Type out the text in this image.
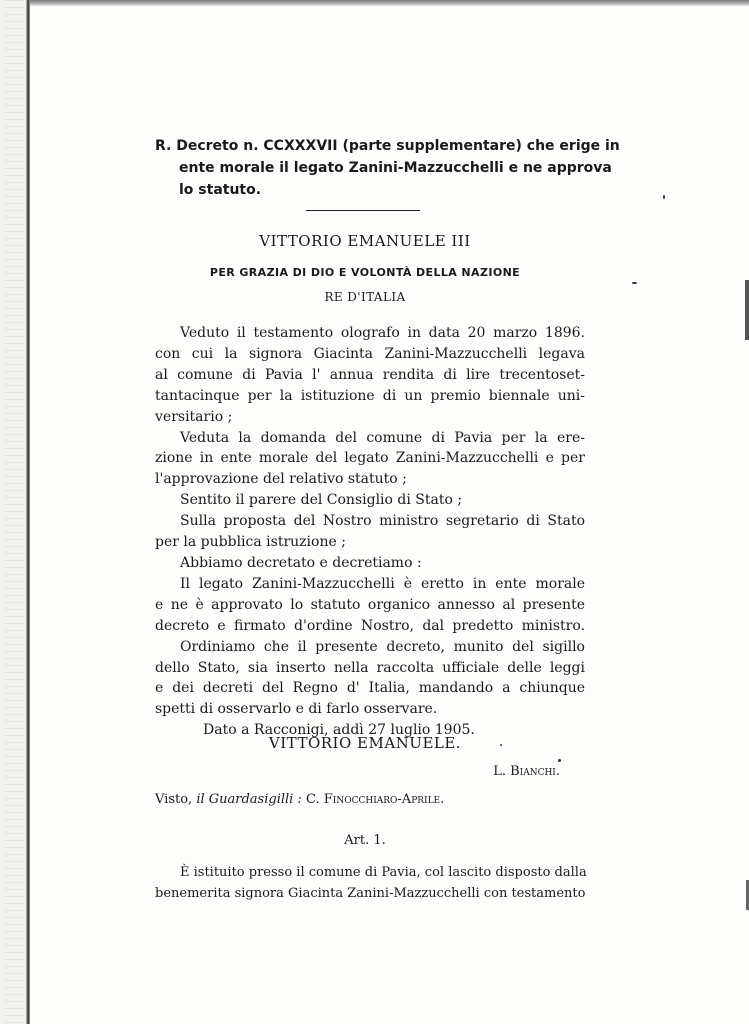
R. Decreto n. CCXXXVII (parte supplementare) che erige in
ente morale il legato Zanini-Mazzucchelli e ne approva
lo statuto.
VITTORIO EMANUELE III
PER GRAZIA DI DIO E VOLONTÀ DELLA NAZIONE
RE D'ITALIA
Veduto il testamento olografo in data 20 marzo 1896.
con cui la signora Giacinta Zanini-Mazzucchelli legava
al comune di Pavia l' annua rendita di lire trecentoset-
tantacinque per la istituzione di un premio biennale uni-
versitario ;
Veduta la domanda del comune di Pavia per la ere-
zione in ente morale del legato Zanini-Mazzucchelli e per
l'approvazione del relativo statuto ;
Sentito il parere del Consiglio di Stato ;
Sulla proposta del Nostro ministro segretario di Stato
per la pubblica istruzione ;
Abbiamo decretato e decretiamo :
Il legato Zanini-Mazzucchelli è eretto in ente morale
e ne è approvato lo statuto organico annesso al presente
decreto e firmato d'ordine Nostro, dal predetto ministro.
Ordiniamo che il presente decreto, munito del sigillo
dello Stato, sia inserto nella raccolta ufficiale delle leggi
e dei decreti del Regno d' Italia, mandando a chiunque
spetti di osservarlo e di farlo osservare.
Dato a Racconigi, addì 27 luglio 1905.
VITTORIO EMANUELE.
L. Bianchi.
Visto, il Guardasigilli : C. Finocchiaro-Aprile.
Art. 1.
È istituito presso il comune di Pavia, col lascito disposto dalla
benemerita signora Giacinta Zanini-Mazzucchelli con testamento
